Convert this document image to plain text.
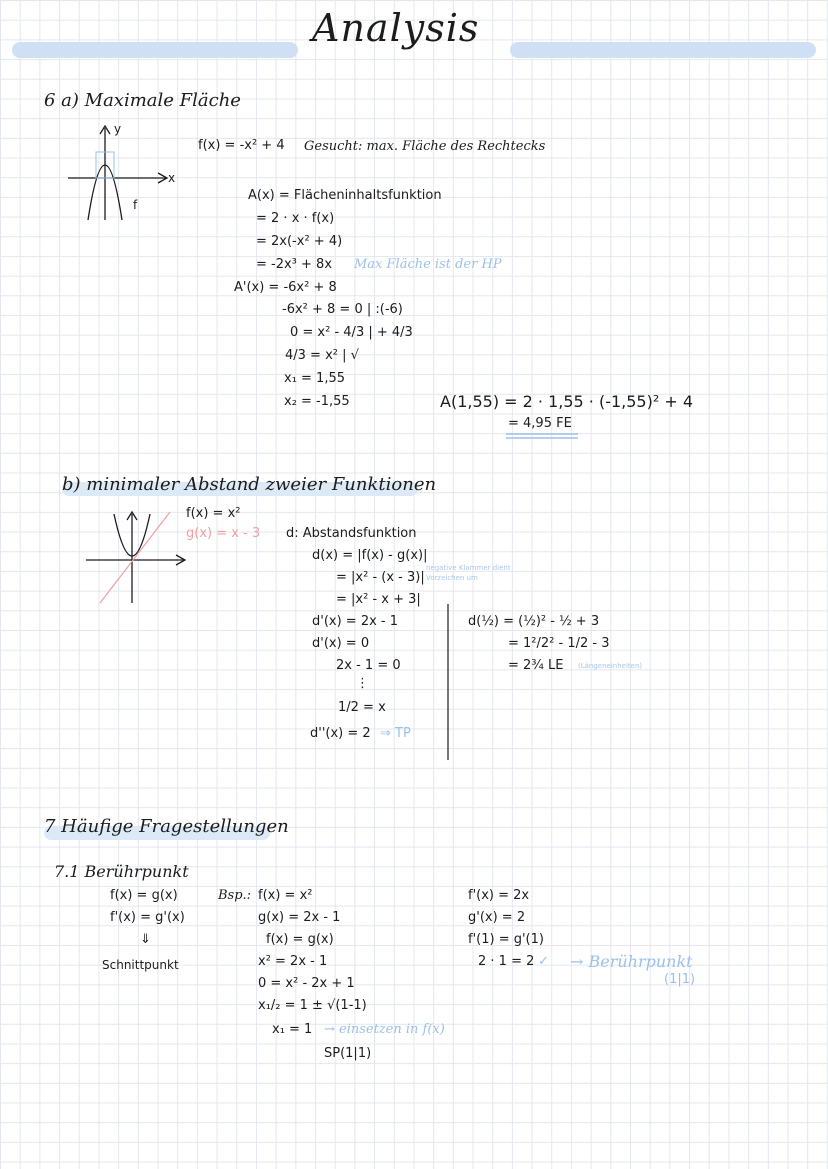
Analysis
6 a) Maximale Fläche
y
x
f
f(x) = -x² + 4 Gesucht: max. Fläche des Rechtecks
A(x) = Flächeninhaltsfunktion
= 2 · x · f(x)
= 2x(-x² + 4)
= -2x³ + 8x Max Fläche ist der HP
A'(x) = -6x² + 8
-6x² + 8 = 0 | :(-6)
0 = x² - 4/3 | + 4/3
4/3 = x² | √
x₁ = 1,55
x₂ = -1,55	A(1,55) = 2 · 1,55 · (-1,55)² + 4
= 4,95 FE
b) minimaler Abstand zweier Funktionen
f(x) = x²
g(x) = x - 3 d: Abstandsfunktion
d(x) = |f(x) - g(x)|
= |x² - (x - 3)|
negative Klammer dient
Vorzeichen um
= |x² - x + 3|
d'(x) = 2x - 1
d'(x) = 0
2x - 1 = 0
⋮
1/2 = x
d''(x) = 2 ⇒ TP
d(½) = (½)² - ½ + 3
= 1²/2² - 1/2 - 3
= 2¾ LE (Längeneinheiten)
7 Häufige Fragestellungen
7.1 Berührpunkt
f(x) = g(x)
f'(x) = g'(x)
⇓
Schnittpunkt
Bsp.: f(x) = x²
g(x) = 2x - 1
f(x) = g(x)
x² = 2x - 1
0 = x² - 2x + 1
x₁/₂ = 1 ± √(1-1)
x₁ = 1 → einsetzen in f(x)
SP(1|1)
f'(x) = 2x
g'(x) = 2
f'(1) = g'(1)
2 · 1 = 2 ✓ → Berührpunkt
(1|1)
